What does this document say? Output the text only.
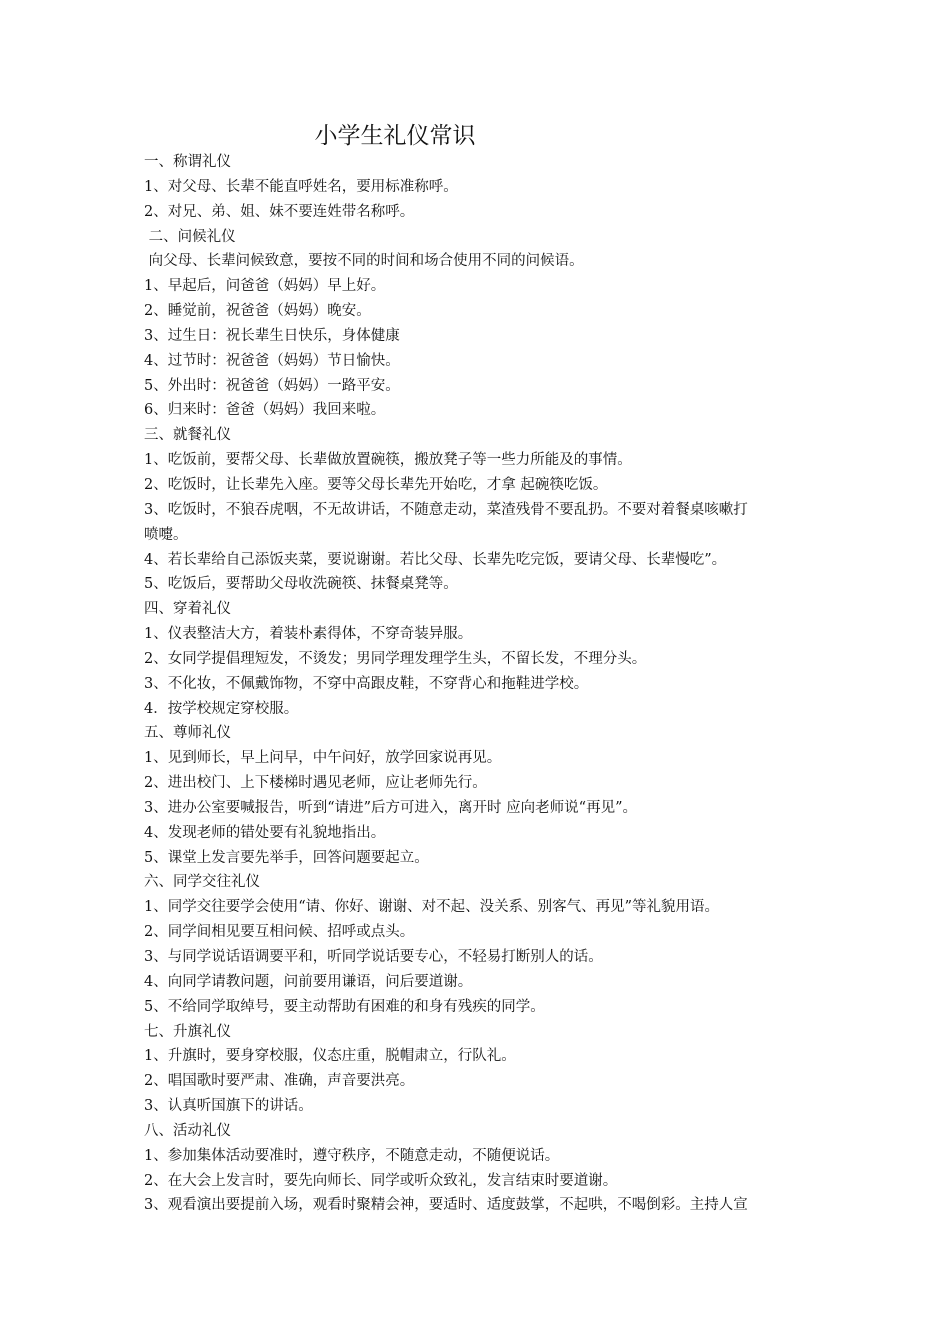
小学生礼仪常识
一、称谓礼仪
1、对父母、长辈不能直呼姓名，要用标准称呼。
2、对兄、弟、姐、妹不要连姓带名称呼。
二、问候礼仪
向父母、长辈问候致意，要按不同的时间和场合使用不同的问候语。
1、早起后，问爸爸（妈妈）早上好。
2、睡觉前，祝爸爸（妈妈）晚安。
3、过生日：祝长辈生日快乐，身体健康
4、过节时：祝爸爸（妈妈）节日愉快。
5、外出时：祝爸爸（妈妈）一路平安。
6、归来时：爸爸（妈妈）我回来啦。
三、就餐礼仪
1、吃饭前，要帮父母、长辈做放置碗筷，搬放凳子等一些力所能及的事情。
2、吃饭时，让长辈先入座。要等父母长辈先开始吃，才拿 起碗筷吃饭。
3、吃饭时，不狼吞虎咽，不无故讲话，不随意走动，菜渣残骨不要乱扔。不要对着餐桌咳嗽打
喷嚏。
4、若长辈给自己添饭夹菜，要说谢谢。若比父母、长辈先吃完饭，要请父母、长辈慢吃”。
5、吃饭后，要帮助父母收洗碗筷、抹餐桌凳等。
四、穿着礼仪
1、仪表整洁大方，着装朴素得体，不穿奇装异服。
2、女同学提倡理短发，不烫发；男同学理发理学生头，不留长发，不理分头。
3、不化妆，不佩戴饰物，不穿中高跟皮鞋，不穿背心和拖鞋进学校。
4．按学校规定穿校服。
五、尊师礼仪
1、见到师长，早上问早，中午问好，放学回家说再见。
2、进出校门、上下楼梯时遇见老师，应让老师先行。
3、进办公室要喊报告，听到“请进”后方可进入，离开时 应向老师说“再见”。
4、发现老师的错处要有礼貌地指出。
5、课堂上发言要先举手，回答问题要起立。
六、同学交往礼仪
1、同学交往要学会使用“请、你好、谢谢、对不起、没关系、别客气、再见”等礼貌用语。
2、同学间相见要互相问候、招呼或点头。
3、与同学说话语调要平和，听同学说话要专心，不轻易打断别人的话。
4、向同学请教问题，问前要用谦语，问后要道谢。
5、不给同学取绰号，要主动帮助有困难的和身有残疾的同学。
七、升旗礼仪
1、升旗时，要身穿校服，仪态庄重，脱帽肃立，行队礼。
2、唱国歌时要严肃、准确，声音要洪亮。
3、认真听国旗下的讲话。
八、活动礼仪
1、参加集体活动要准时，遵守秩序，不随意走动，不随便说话。
2、在大会上发言时，要先向师长、同学或听众致礼，发言结束时要道谢。
3、观看演出要提前入场，观看时聚精会神，要适时、适度鼓掌，不起哄，不喝倒彩。主持人宣
